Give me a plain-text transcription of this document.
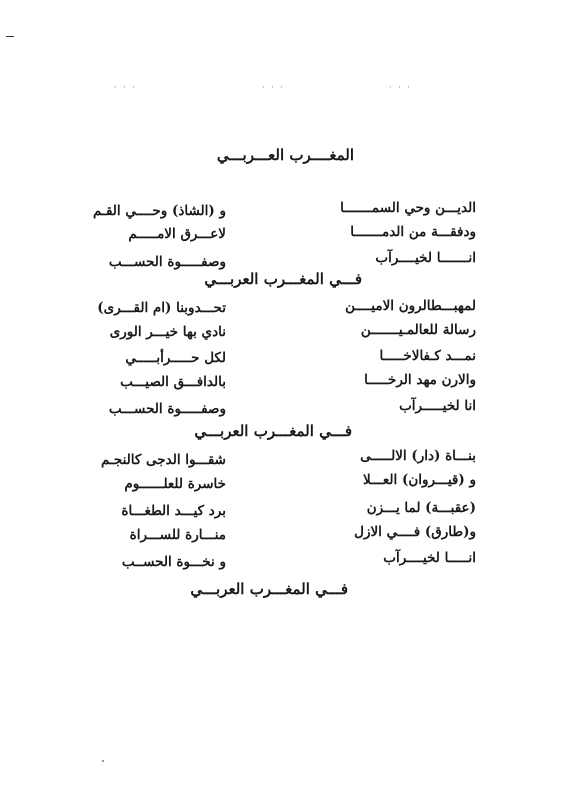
· · ·	· · ·	· · ·
المغــــرب العـــربـــي
الديـــن وحي السمـــــــا
و (الشاذ) وحــــي القـم
ودفقـــة من الدمـــــــا
لاعـــرق الامـــــم
انـــــــا لخيــــرآب
وصفـــــوة الحســـب
فـــي المغـــرب العربـــي
لمهبـــطالرون الاميــــن
تحـــدوبنا (ام القـــرى)
رسالة للعالمـيـــــــن
نادي بها خيـــر الورى
نمـــد كـفالاخـــــا
لكل حـــــرأبـــــي
والارن مهد الرخـــــا
بالدافـــق الصيـــب
انا لخيـــــرآب
وصفـــــوة الحســـب
فـــي المغـــرب العربـــي
بنـــاة (دار) الالـــــى
شقـــوا الدجى كالنجـم
و (قيـــروان) العـــلا
خاسرة للعلــــــوم
(عقبـــة) لما يـــزن
برد كيـــد الطغـــاة
و(طارق) فــــي الازل
منـــارة للســـراة
انـــــا لخيــــرآب
و نخـــوة الحســب
فـــي المغـــرب العربـــي
